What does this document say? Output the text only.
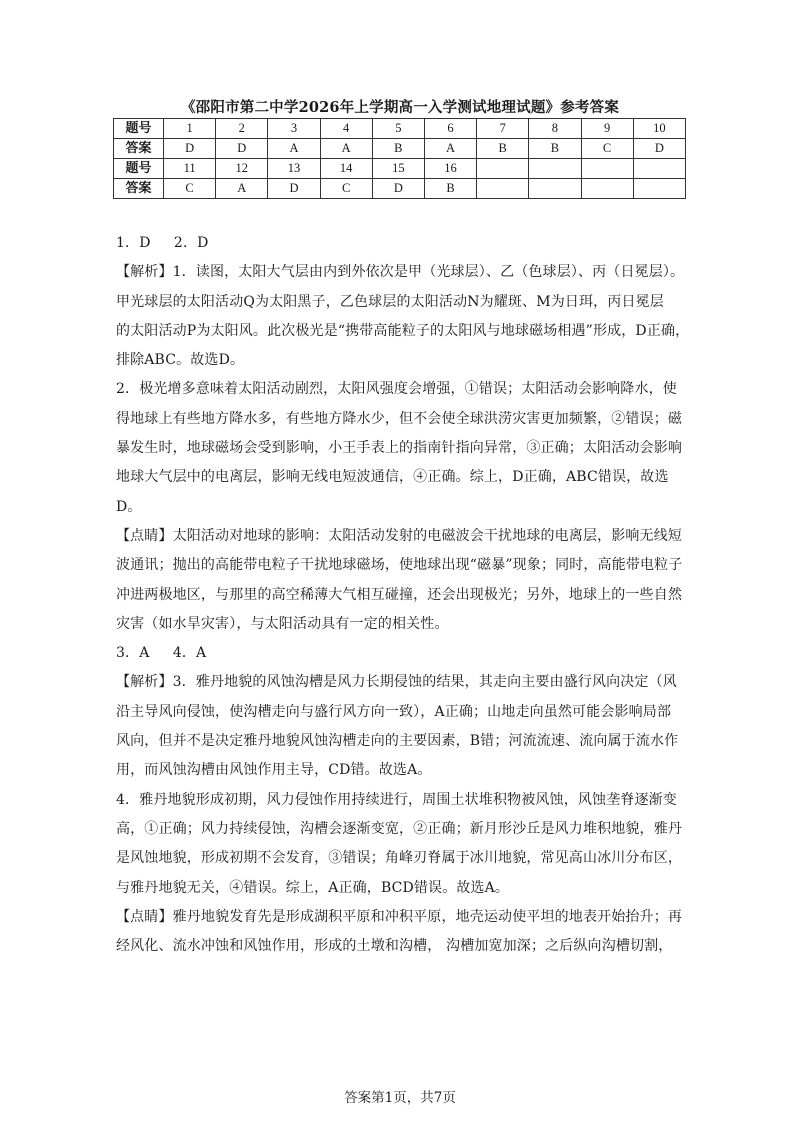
《邵阳市第二中学2026年上学期高一入学测试地理试题》参考答案
题号	1	2	3	4	5	6	7	8	9	10
答案	D	D	A	A	B	A	B	B	C	D
题号	11	12	13	14	15	16				
答案	C	A	D	C	D	B				
1．D　  2．D
【解析】1．读图，太阳大气层由内到外依次是甲（光球层）、乙（色球层）、丙（日冕层）。
甲光球层的太阳活动Q为太阳黑子，乙色球层的太阳活动N为耀斑、M为日珥，丙日冕层
的太阳活动P为太阳风。此次极光是“携带高能粒子的太阳风与地球磁场相遇”形成，D正确，
排除ABC。故选D。
2．极光增多意味着太阳活动剧烈，太阳风强度会增强，①错误；太阳活动会影响降水，使
得地球上有些地方降水多，有些地方降水少，但不会使全球洪涝灾害更加频繁，②错误；磁
暴发生时，地球磁场会受到影响，小王手表上的指南针指向异常，③正确；太阳活动会影响
地球大气层中的电离层，影响无线电短波通信，④正确。综上，D正确，ABC错误，故选
D。
【点睛】太阳活动对地球的影响：太阳活动发射的电磁波会干扰地球的电离层，影响无线短
波通讯；抛出的高能带电粒子干扰地球磁场，使地球出现“磁暴”现象；同时，高能带电粒子
冲进两极地区，与那里的高空稀薄大气相互碰撞，还会出现极光；另外，地球上的一些自然
灾害（如水旱灾害），与太阳活动具有一定的相关性。
3．A　  4．A
【解析】3．雅丹地貌的风蚀沟槽是风力长期侵蚀的结果，其走向主要由盛行风向决定（风
沿主导风向侵蚀，使沟槽走向与盛行风方向一致），A正确；山地走向虽然可能会影响局部
风向，但并不是决定雅丹地貌风蚀沟槽走向的主要因素，B错；河流流速、流向属于流水作
用，而风蚀沟槽由风蚀作用主导，CD错。故选A。
4．雅丹地貌形成初期，风力侵蚀作用持续进行，周围土状堆积物被风蚀，风蚀垄脊逐渐变
高，①正确；风力持续侵蚀，沟槽会逐渐变宽，②正确；新月形沙丘是风力堆积地貌，雅丹
是风蚀地貌，形成初期不会发育，③错误；角峰刃脊属于冰川地貌，常见高山冰川分布区，
与雅丹地貌无关，④错误。综上，A正确，BCD错误。故选A。
【点睛】雅丹地貌发育先是形成湖积平原和冲积平原，地壳运动使平坦的地表开始抬升；再
经风化、流水冲蚀和风蚀作用，形成的土墩和沟槽， 沟槽加宽加深；之后纵向沟槽切割，
答案第1页，共7页
